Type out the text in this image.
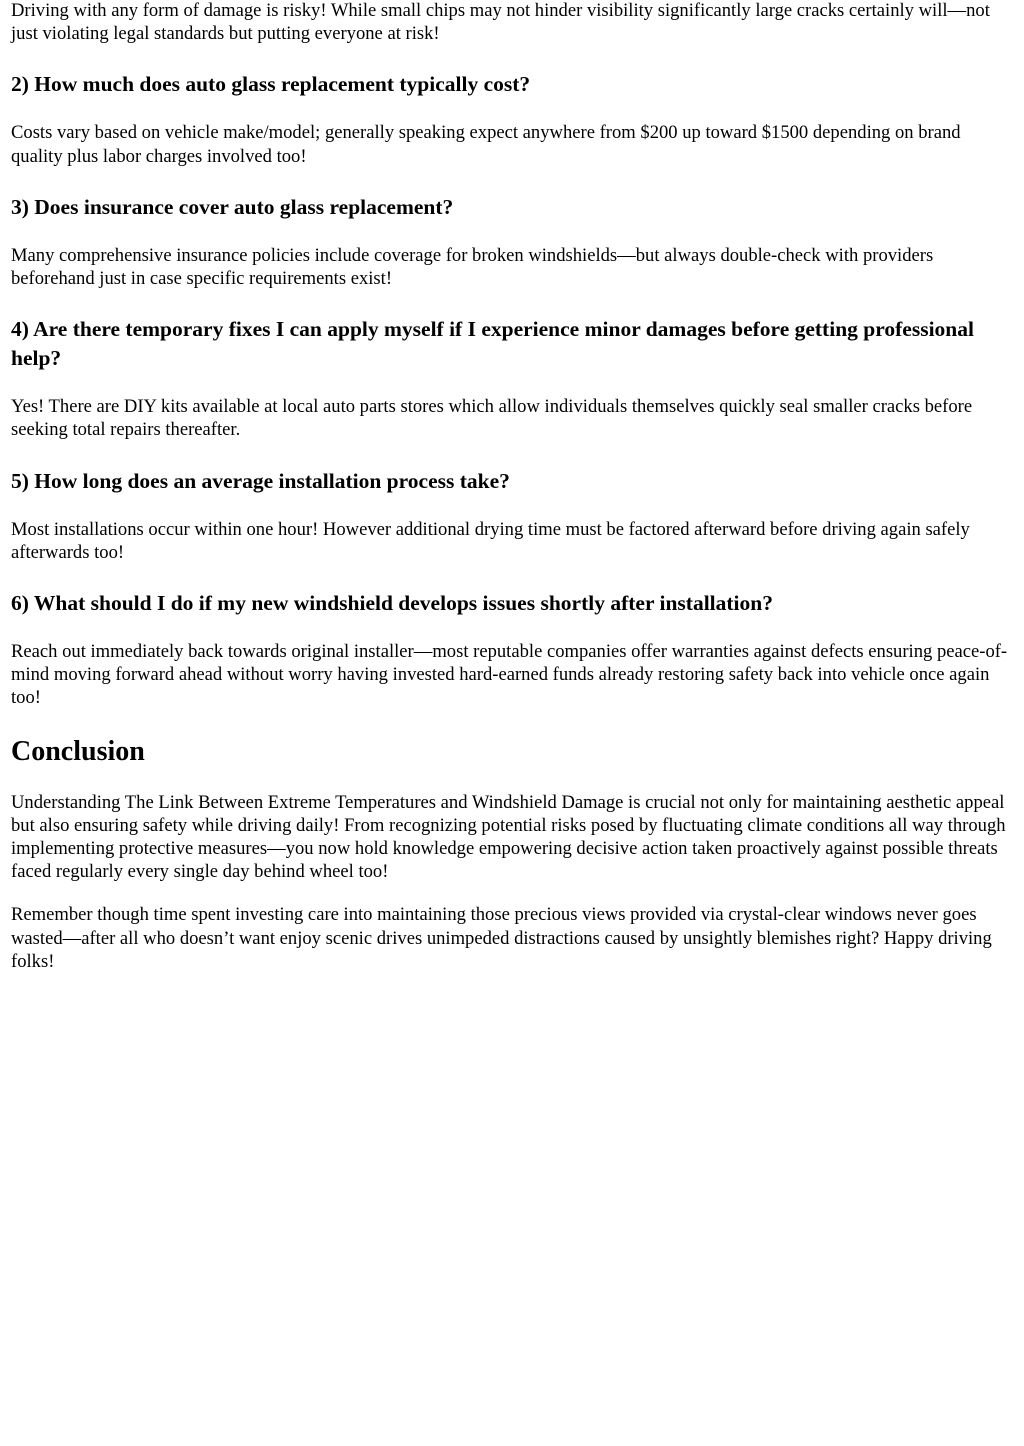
Driving with any form of damage is risky! While small chips may not hinder visibility significantly large cracks certainly will—not just violating legal standards but putting everyone at risk!

2) How much does auto glass replacement typically cost?

Costs vary based on vehicle make/model; generally speaking expect anywhere from $200 up toward $1500 depending on brand quality plus labor charges involved too!

3) Does insurance cover auto glass replacement?

Many comprehensive insurance policies include coverage for broken windshields—but always double-check with providers beforehand just in case specific requirements exist!

4) Are there temporary fixes I can apply myself if I experience minor damages before getting professional help?

Yes! There are DIY kits available at local auto parts stores which allow individuals themselves quickly seal smaller cracks before seeking total repairs thereafter.

5) How long does an average installation process take?

Most installations occur within one hour! However additional drying time must be factored afterward before driving again safely afterwards too!

6) What should I do if my new windshield develops issues shortly after installation?

Reach out immediately back towards original installer—most reputable companies offer warranties against defects ensuring peace-of-mind moving forward ahead without worry having invested hard-earned funds already restoring safety back into vehicle once again too!

Conclusion

Understanding The Link Between Extreme Temperatures and Windshield Damage is crucial not only for maintaining aesthetic appeal but also ensuring safety while driving daily! From recognizing potential risks posed by fluctuating climate conditions all way through implementing protective measures—you now hold knowledge empowering decisive action taken proactively against possible threats faced regularly every single day behind wheel too!

Remember though time spent investing care into maintaining those precious views provided via crystal-clear windows never goes wasted—after all who doesn’t want enjoy scenic drives unimpeded distractions caused by unsightly blemishes right? Happy driving folks!
